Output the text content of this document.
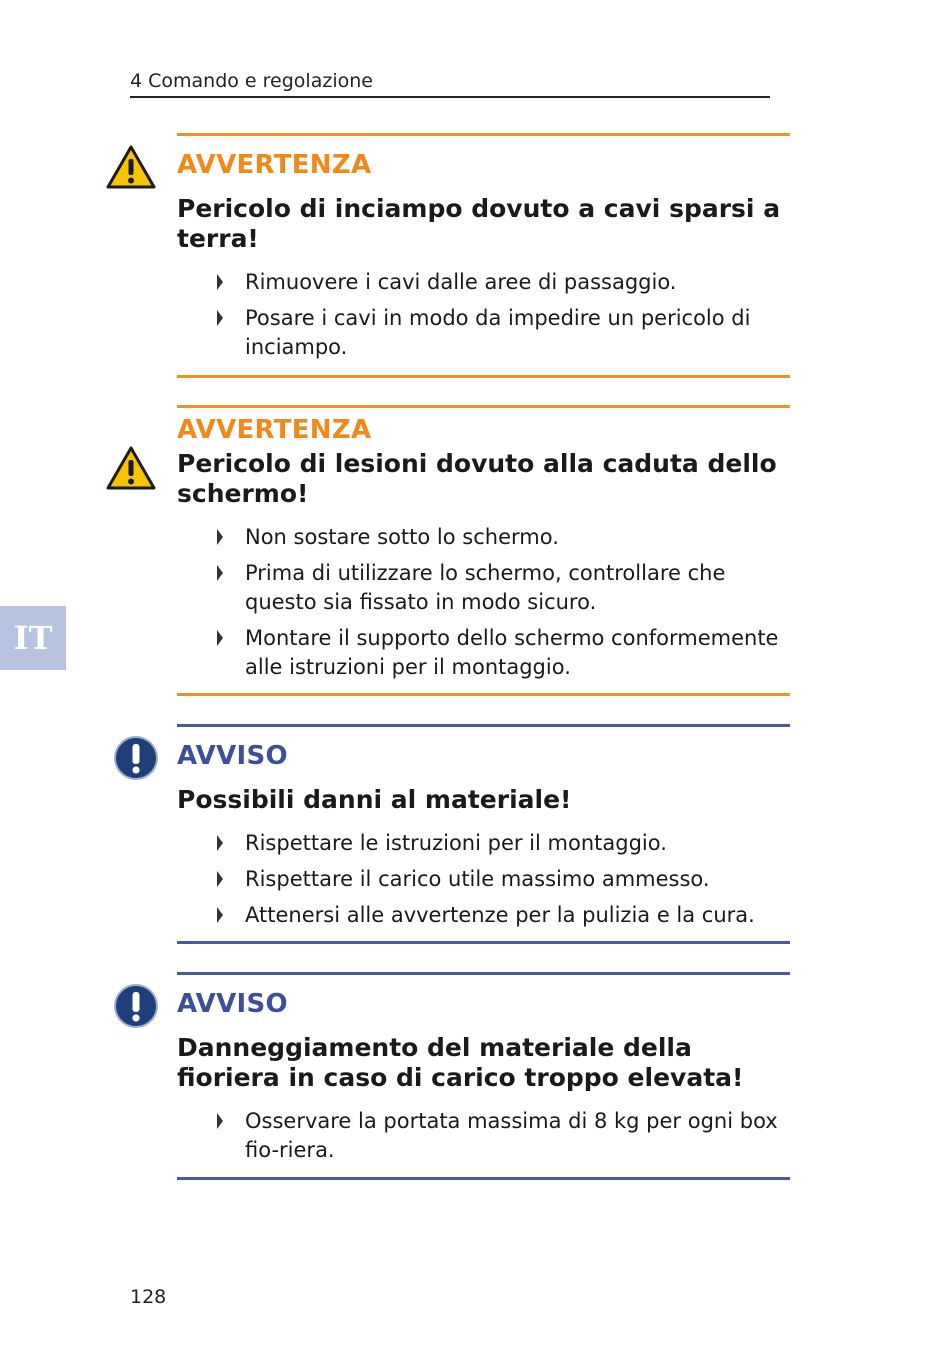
4 Comando e regolazione
IT
AVVERTENZA
Pericolo di inciampo dovuto a cavi sparsi a terra!
Rimuovere i cavi dalle aree di passaggio.
Posare i cavi in modo da impedire un pericolo di inciampo.
AVVERTENZA
Pericolo di lesioni dovuto alla caduta dello schermo!
Non sostare sotto lo schermo.
Prima di utilizzare lo schermo, controllare che questo sia fissato in modo sicuro.
Montare il supporto dello schermo conformemente alle istruzioni per il montaggio.
AVVISO
Possibili danni al materiale!
Rispettare le istruzioni per il montaggio.
Rispettare il carico utile massimo ammesso.
Attenersi alle avvertenze per la pulizia e la cura.
AVVISO
Danneggiamento del materiale della fioriera in caso di carico troppo elevata!
Osservare la portata massima di 8 kg per ogni box fio-riera.
128
